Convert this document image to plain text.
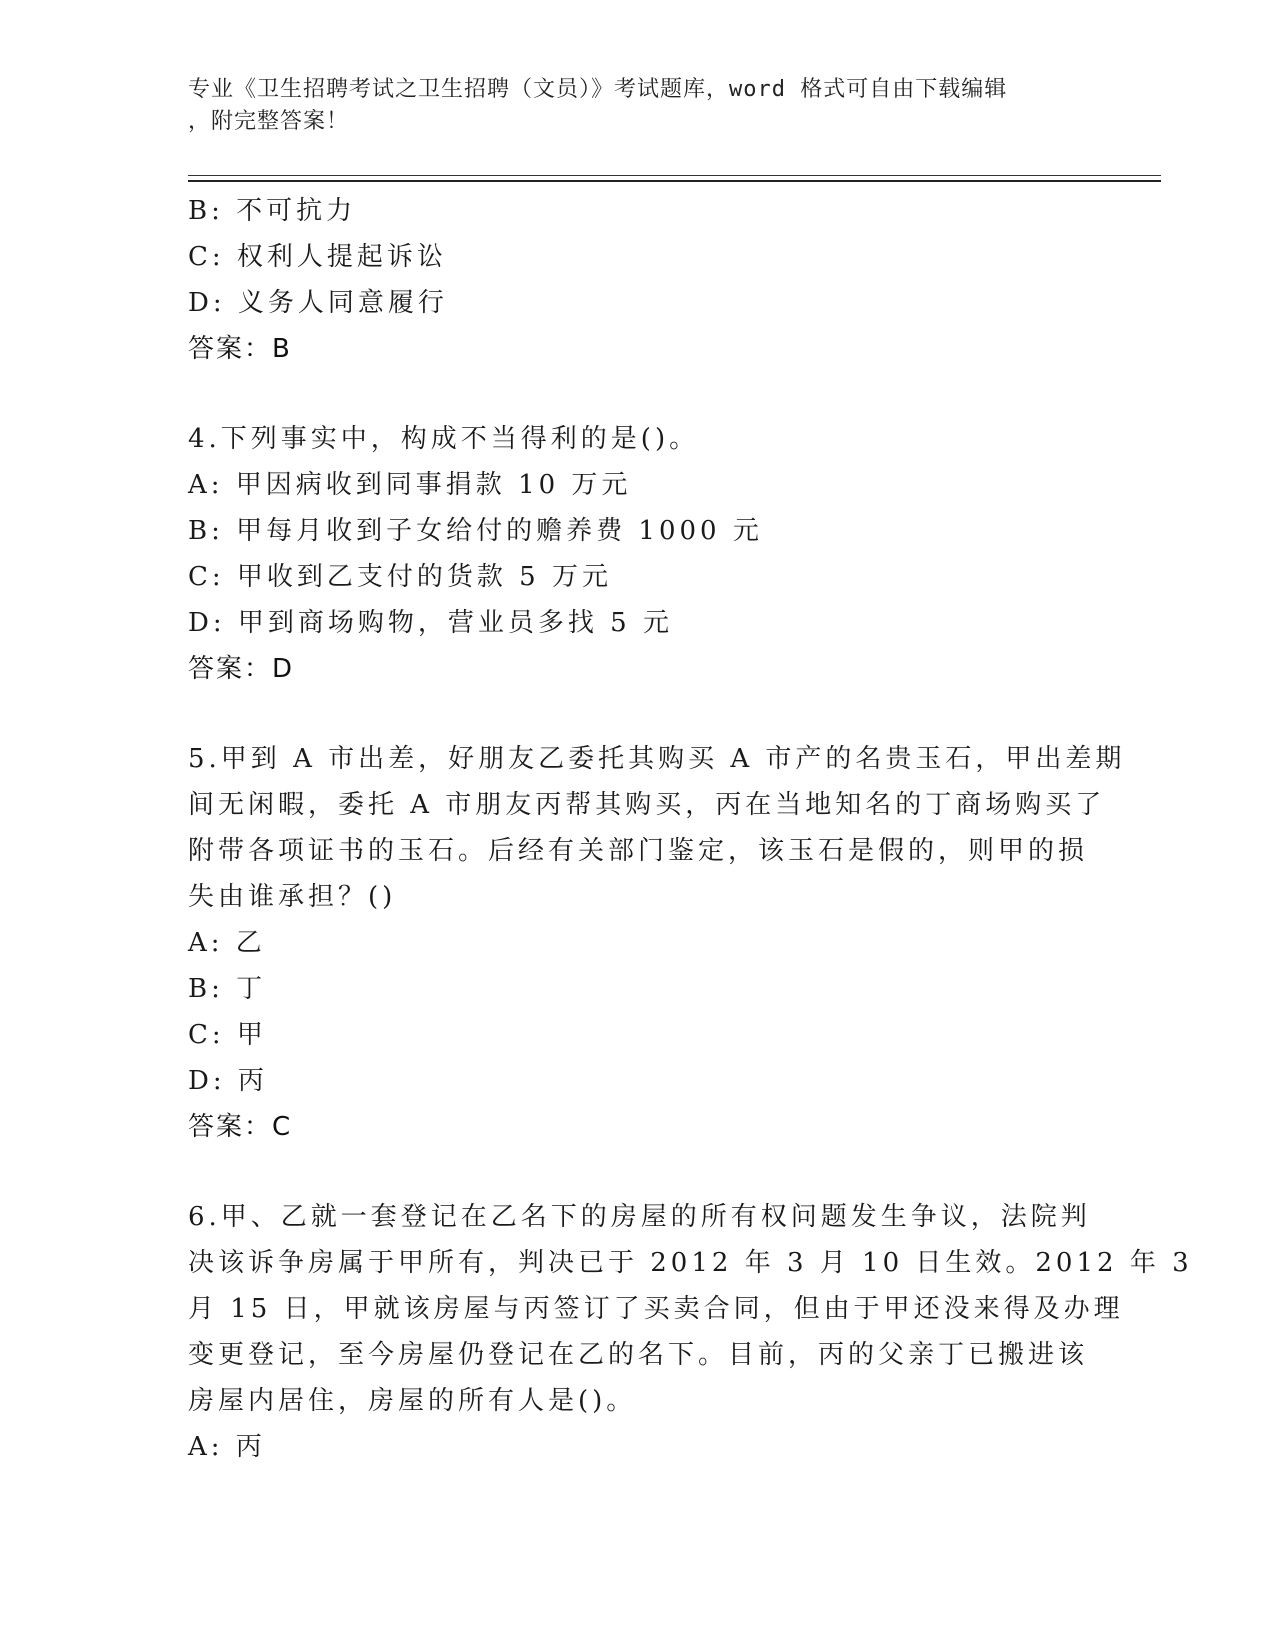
专业《卫生招聘考试之卫生招聘（文员）》考试题库，word 格式可自由下载编辑
，附完整答案！
B: 不可抗力
C: 权利人提起诉讼
D: 义务人同意履行
答案：B
4.下列事实中，构成不当得利的是()。
A: 甲因病收到同事捐款 10 万元
B: 甲每月收到子女给付的赡养费 1000 元
C: 甲收到乙支付的货款 5 万元
D: 甲到商场购物，营业员多找 5 元
答案：D
5.甲到 A 市出差，好朋友乙委托其购买 A 市产的名贵玉石，甲出差期
间无闲暇，委托 A 市朋友丙帮其购买，丙在当地知名的丁商场购买了
附带各项证书的玉石。后经有关部门鉴定，该玉石是假的，则甲的损
失由谁承担？()
A: 乙
B: 丁
C: 甲
D: 丙
答案：C
6.甲、乙就一套登记在乙名下的房屋的所有权问题发生争议，法院判
决该诉争房属于甲所有，判决已于 2012 年 3 月 10 日生效。2012 年 3
月 15 日，甲就该房屋与丙签订了买卖合同，但由于甲还没来得及办理
变更登记，至今房屋仍登记在乙的名下。目前，丙的父亲丁已搬进该
房屋内居住，房屋的所有人是()。
A: 丙
